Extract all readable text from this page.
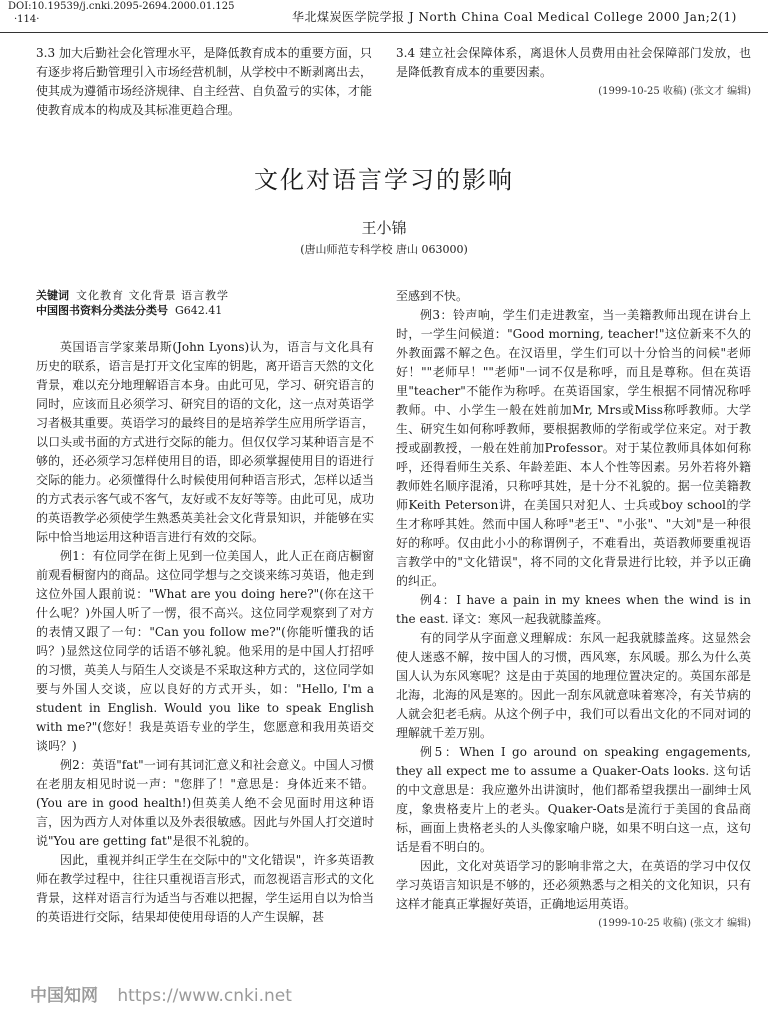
DOI:10.19539/j.cnki.2095-2694.2000.01.125
·114·	华北煤炭医学院学报 J North China Coal Medical College 2000 Jan;2(1)

3.3 加大后勤社会化管理水平，是降低教育成本的重要方面，只有逐步将后勤管理引入市场经营机制，从学校中不断剥离出去，使其成为遵循市场经济规律、自主经营、自负盈亏的实体，才能使教育成本的构成及其标准更趋合理。

3.4 建立社会保障体系，离退休人员费用由社会保障部门发放，也是降低教育成本的重要因素。

(1999-10-25 收稿) (张文才 编辑)

文化对语言学习的影响
王小锦
(唐山师范专科学校 唐山 063000)
关键词 文化教育 文化背景 语言教学
中国图书资料分类法分类号 G642.41

英国语言学家莱昂斯(John Lyons)认为，语言与文化具有历史的联系，语言是打开文化宝库的钥匙，离开语言天然的文化背景，难以充分地理解语言本身。由此可见，学习、研究语言的同时，应该而且必须学习、研究目的语的文化，这一点对英语学习者极其重要。英语学习的最终目的是培养学生应用所学语言，以口头或书面的方式进行交际的能力。但仅仅学习某种语言是不够的，还必须学习怎样使用目的语，即必须掌握使用目的语进行交际的能力。必须懂得什么时候使用何种语言形式，怎样以适当的方式表示客气或不客气，友好或不友好等等。由此可见，成功的英语教学必须使学生熟悉英美社会文化背景知识，并能够在实际中恰当地运用这种语言进行有效的交际。

例1：有位同学在街上见到一位美国人，此人正在商店橱窗前观看橱窗内的商品。这位同学想与之交谈来练习英语，他走到这位外国人跟前说："What are you doing here?"(你在这干什么呢？)外国人听了一愣，很不高兴。这位同学观察到了对方的表情又跟了一句："Can you follow me?"(你能听懂我的话吗？)显然这位同学的话语不够礼貌。他采用的是中国人打招呼的习惯，英美人与陌生人交谈是不采取这种方式的，这位同学如要与外国人交谈，应以良好的方式开头，如："Hello, I'm a student in English. Would you like to speak English with me?"(您好！我是英语专业的学生，您愿意和我用英语交谈吗？)

例2：英语"fat"一词有其词汇意义和社会意义。中国人习惯在老朋友相见时说一声："您胖了！"意思是：身体近来不错。(You are in good health!)但英美人绝不会见面时用这种语言，因为西方人对体重以及外表很敏感。因此与外国人打交道时说"You are getting fat"是很不礼貌的。

因此，重视并纠正学生在交际中的"文化错误"，许多英语教师在教学过程中，往往只重视语言形式，而忽视语言形式的文化背景，这样对语言行为适当与否难以把握，学生运用自以为恰当的英语进行交际，结果却使使用母语的人产生误解，甚

至感到不快。

例3：铃声响，学生们走进教室，当一美籍教师出现在讲台上时，一学生问候道："Good morning, teacher!"这位新来不久的外教面露不解之色。在汉语里，学生们可以十分恰当的问候"老师好！""老师早！""老师"一词不仅是称呼，而且是尊称。但在英语里"teacher"不能作为称呼。在英语国家，学生根据不同情况称呼教师。中、小学生一般在姓前加Mr, Mrs或Miss称呼教师。大学生、研究生如何称呼教师，要根据教师的学衔或学位来定。对于教授或副教授，一般在姓前加Professor。对于某位教师具体如何称呼，还得看师生关系、年龄差距、本人个性等因素。另外若将外籍教师姓名顺序混淆，只称呼其姓，是十分不礼貌的。据一位美籍教师Keith Peterson讲，在美国只对犯人、士兵或boy school的学生才称呼其姓。然而中国人称呼"老王"、"小张"、"大刘"是一种很好的称呼。仅由此小小的称谓例子，不难看出，英语教师要重视语言教学中的"文化错误"，将不同的文化背景进行比较，并予以正确的纠正。

例4：I have a pain in my knees when the wind is in the east. 译文：寒风一起我就膝盖疼。

有的同学从字面意义理解成：东风一起我就膝盖疼。这显然会使人迷惑不解，按中国人的习惯，西风寒，东风暖。那么为什么英国人认为东风寒呢？这是由于英国的地理位置决定的。英国东部是北海，北海的风是寒的。因此一刮东风就意味着寒冷，有关节病的人就会犯老毛病。从这个例子中，我们可以看出文化的不同对词的理解就千差万别。

例5：When I go around on speaking engagements, they all expect me to assume a Quaker-Oats looks. 这句话的中文意思是：我应邀外出讲演时，他们都希望我摆出一副绅士风度，象贵格麦片上的老头。Quaker-Oats是流行于美国的食品商标，画面上贵格老头的人头像家喻户晓，如果不明白这一点，这句话是看不明白的。

因此，文化对英语学习的影响非常之大，在英语的学习中仅仅学习英语言知识是不够的，还必须熟悉与之相关的文化知识，只有这样才能真正掌握好英语，正确地运用英语。

(1999-10-25 收稿) (张文才 编辑)

中国知网 https://www.cnki.net
